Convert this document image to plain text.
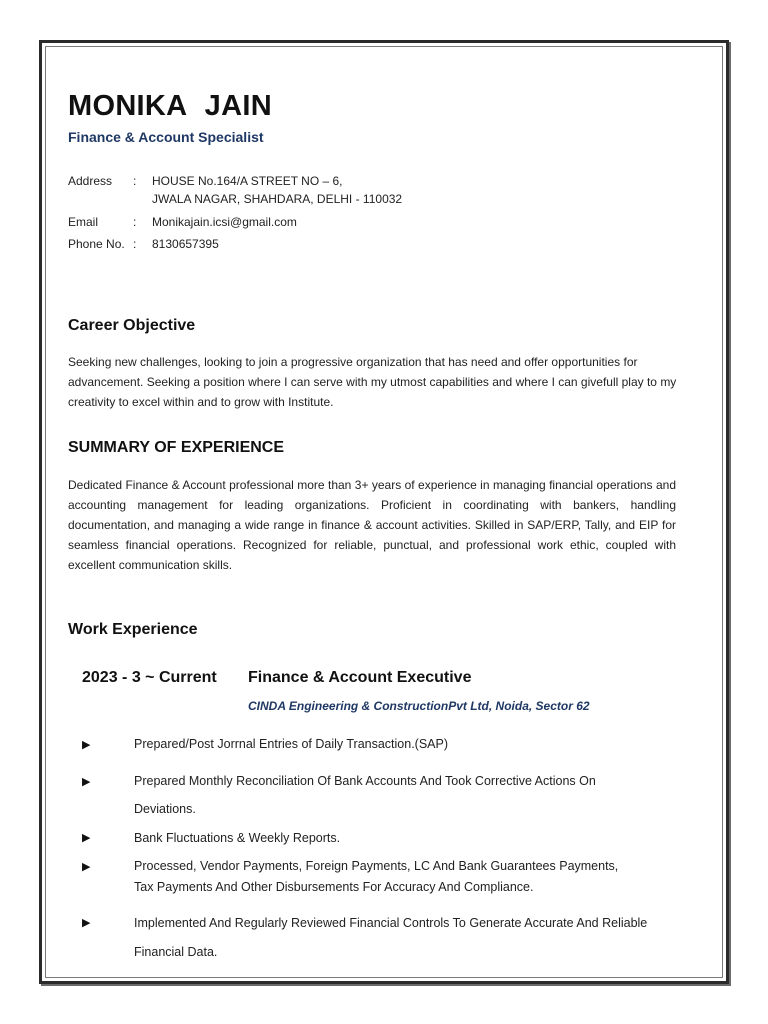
MONIKA JAIN
Finance & Account Specialist
Address : HOUSE No.164/A STREET NO – 6,
JWALA NAGAR, SHAHDARA, DELHI - 110032
Email	: Monikajain.icsi@gmail.com
Phone No. : 8130657395
Career Objective
Seeking new challenges, looking to join a progressive organization that has need and offer opportunities for advancement. Seeking a position where I can serve with my utmost capabilities and where I can givefull play to my creativity to excel within and to grow with Institute.
SUMMARY OF EXPERIENCE
Dedicated Finance & Account professional more than 3+ years of experience in managing financial operations and accounting management for leading organizations. Proficient in coordinating with bankers, handling documentation, and managing a wide range in finance & account activities. Skilled in SAP/ERP, Tally, and EIP for seamless financial operations. Recognized for reliable, punctual, and professional work ethic, coupled with excellent communication skills.
Work Experience
2023 - 3 ~ Current Finance & Account Executive
CINDA Engineering & ConstructionPvt Ltd, Noida, Sector 62
▶	Prepared/Post Jorrnal Entries of Daily Transaction.(SAP)
▶	Prepared Monthly Reconciliation Of Bank Accounts And Took Corrective Actions On
Deviations.
▶	Bank Fluctuations & Weekly Reports.
▶	Processed, Vendor Payments, Foreign Payments, LC And Bank Guarantees Payments,
Tax Payments And Other Disbursements For Accuracy And Compliance.
▶	Implemented And Regularly Reviewed Financial Controls To Generate Accurate And Reliable
Financial Data.
